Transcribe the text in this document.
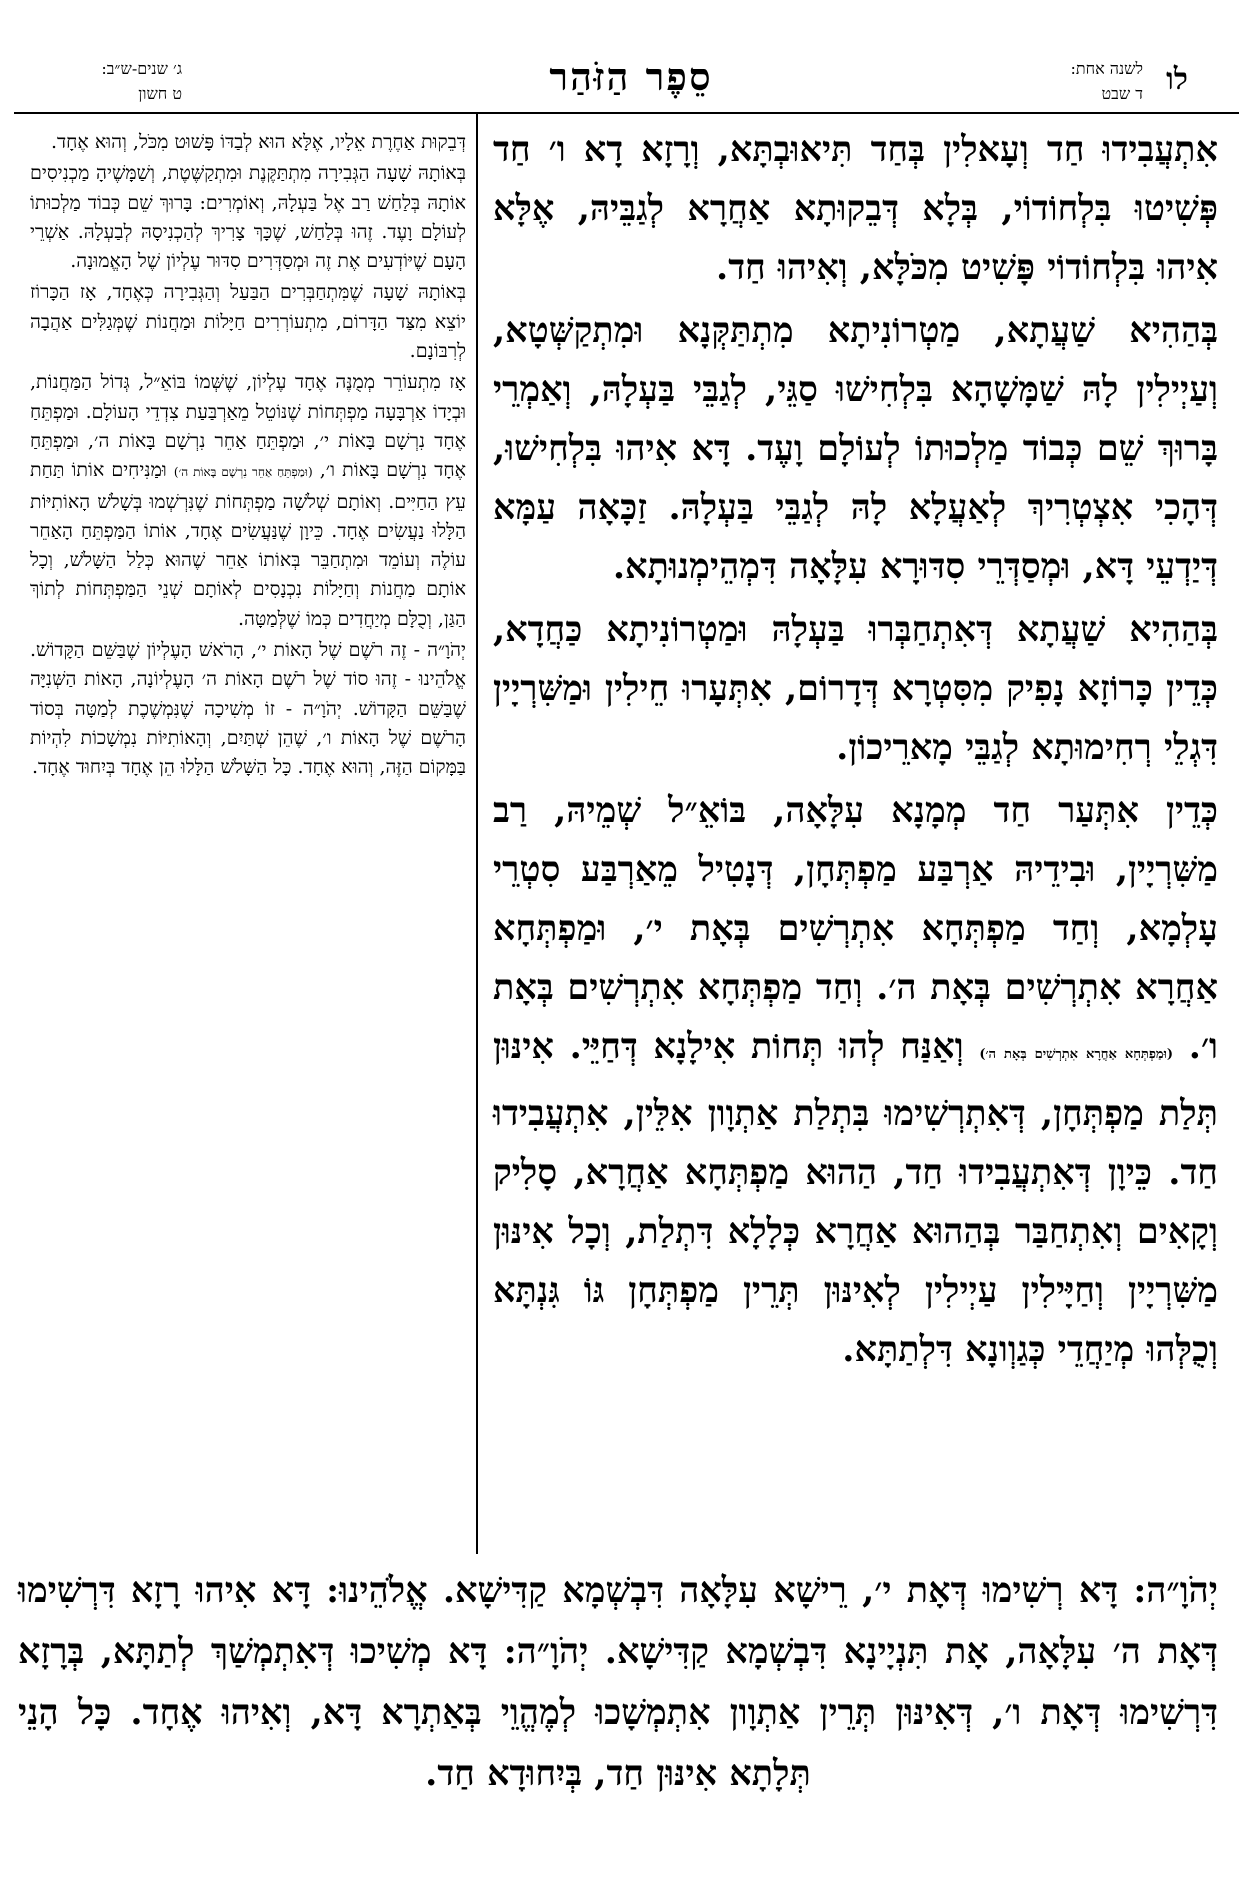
לו
לשנה אחת:
ד שבט
סֵפֶר הַזֹּהַר
ג׳ שנים-ש״ב:
ט חשון

אִתְעֲבִידוּ חַד וְעָאלִין בְּחַד תִּיאוּבְתָּא, וְרָזָא דָא ו׳ חַד פְּשִׁיטוּ בִּלְחוֹדוֹי, בְּלָא דְּבֵקוּתָא אַחֲרָא לְגַבֵּיהּ, אֶלָּא אִיהוּ בִּלְחוֹדוֹי פָּשִׁיט מִכֹּלָּא, וְאִיהוּ חַד.

בְּהַהִיא שַׁעֲתָא, מַטְרוֹנִיתָא מִתְתַּקְּנָא וּמִתְקַשְּׁטָא, וְעַיְילִין לָהּ שַׁמָּשָׁהָא בִּלְחִישׁוּ סַגֵּי, לְגַבֵּי בַּעְלָהּ, וְאַמְרֵי בָּרוּךְ שֵׁם כְּבוֹד מַלְכוּתוֹ לְעוֹלָם וָעֶד. דָּא אִיהוּ בִּלְחִישׁוּ, דְּהָכִי אִצְטְרִיךְ לְאַעֲלָא לָהּ לְגַבֵּי בַּעְלָהּ. זַכָּאָה עַמָּא דְּיַדְעֵי דָּא, וּמְסַדְּרֵי סִדּוּרָא עִלָּאָה דִּמְהֵימְנוּתָא.

בְּהַהִיא שַׁעֲתָא דְּאִתְחַבְּרוּ בַּעְלָהּ וּמַטְרוֹנִיתָא כַּחֲדָא, כְּדֵין כָּרוֹזָא נָפִיק מִסִּטְרָא דְּדָרוֹם, אִתְּעָרוּ חֵילִין וּמַשִּׁרְיָין דִּגְלֵי רְחִימוּתָא לְגַבֵּי מָארֵיכוֹן.

כְּדֵין אִתְּעַר חַד מְמָנָא עִלָּאָה, בּוֹאֵ״ל שְׁמֵיהּ, רַב מַשִּׁרְיָין, וּבִידֵיהּ אַרְבַּע מַפְתְּחָן, דְּנָטִיל מֵאַרְבַּע סִטְרֵי עָלְמָא, וְחַד מַפְתְּחָא אִתְרְשִׁים בְּאָת י׳, וּמַפְתְּחָא אַחֲרָא אִתְרְשִׁים בְּאָת ה׳. וְחַד מַפְתְּחָא אִתְרְשִׁים בְּאָת ו׳. (וּמַפְתְּחָא אַחֲרָא אִתְרְשִׁים בְּאָת ה׳) וְאַנַּח לְהוּ תְּחוֹת אִילָנָא דְּחַיֵּי. אִינּוּן תְּלַת מַפְתְּחָן, דְּאִתְרְשִׁימוּ בִּתְלַת אַתְוָון אִלֵּין, אִתְעֲבִידוּ חַד. כֵּיוָן דְּאִתְעֲבִידוּ חַד, הַהוּא מַפְתְּחָא אַחֲרָא, סָלִיק וְקָאִים וְאִתְחַבַּר בְּהַהוּא אַחֲרָא כְּלָלָא דִּתְלַת, וְכָל אִינּוּן מַשִּׁרְיָין וְחַיָּילִין עַיְילִין לְאִינּוּן תְּרֵין מַפְתְּחָן גּוֹ גִּנְתָּא וְכֻלְּהוּ מְיַחֲדֵי כְּגַוְונָא דִּלְתַתָּא.

דְּבֵקוּת אַחֶרֶת אֵלָיו, אֶלָּא הוּא לְבַדּוֹ פָּשׁוּט מִכֹּל, וְהוּא אֶחָד.

בְּאוֹתָהּ שָׁעָה הַגְּבִירָה מִתְתַּקֶּנֶת וּמִתְקַשֶּׁטֶת, וְשַׁמָּשֶׁיהָ מַכְנִיסִים אוֹתָהּ בְּלַחַשׁ רַב אֶל בַּעְלָהּ, וְאוֹמְרִים: בָּרוּךְ שֵׁם כְּבוֹד מַלְכוּתוֹ לְעוֹלָם וָעֶד. זֶהוּ בְּלַחַשׁ, שֶׁכָּךְ צָרִיךְ לְהַכְנִיסָהּ לְבַעְלָהּ. אַשְׁרֵי הָעָם שֶׁיּוֹדְעִים אֶת זֶה וּמְסַדְּרִים סִדּוּר עֶלְיוֹן שֶׁל הָאֱמוּנָה.

בְּאוֹתָהּ שָׁעָה שֶׁמִּתְחַבְּרִים הַבַּעַל וְהַגְּבִירָה כְּאֶחָד, אָז הַכָּרוֹז יוֹצֵא מִצַּד הַדָּרוֹם, מִתְעוֹרְרִים חַיָּלוֹת וּמַחֲנוֹת שֶׁמְּגַלִּים אַהֲבָה לְרִבּוֹנָם.

אָז מִתְעוֹרֵר מְמֻנֶּה אֶחָד עֶלְיוֹן, שֶׁשְּׁמוֹ בּוֹאֵ״ל, גְּדוֹל הַמַּחֲנוֹת, וּבְיָדוֹ אַרְבָּעָה מַפְתְּחוֹת שֶׁנּוֹטֵל מֵאַרְבַּעַת צִדְדֵי הָעוֹלָם. וּמַפְתֵּחַ אֶחָד נִרְשָׁם בָּאוֹת י׳, וּמַפְתֵּחַ אַחֵר נִרְשָׁם בָּאוֹת ה׳, וּמַפְתֵּחַ אֶחָד נִרְשָׁם בָּאוֹת ו׳, (וּמַפְתֵּחַ אַחֵר נִרְשָׁם בָּאוֹת ה׳) וּמַנִּיחִים אוֹתוֹ תַּחַת עֵץ הַחַיִּים. וְאוֹתָם שְׁלֹשָׁה מַפְתְּחוֹת שֶׁנִּרְשְׁמוּ בְּשָׁלֹשׁ הָאוֹתִיּוֹת הַלָּלוּ נַעֲשִׂים אֶחָד. כֵּיוָן שֶׁנַּעֲשִׂים אֶחָד, אוֹתוֹ הַמַּפְתֵּחַ הָאַחֵר עוֹלֶה וְעוֹמֵד וּמִתְחַבֵּר בְּאוֹתוֹ אַחֵר שֶׁהוּא כְּלַל הַשָּׁלֹשׁ, וְכָל אוֹתָם מַחֲנוֹת וְחַיָּלוֹת נִכְנָסִים לְאוֹתָם שְׁנֵי הַמַּפְתְּחוֹת לְתוֹךְ הַגַּן, וְכֻלָּם מְיַחֲדִים כְּמוֹ שֶׁלְּמַטָּה.

יְהֹוָ״ה - זֶה רֹשֶׁם שֶׁל הָאוֹת י׳, הָרֹאשׁ הָעֶלְיוֹן שֶׁבַּשֵּׁם הַקָּדוֹשׁ. אֱלֹהֵינוּ - זֶהוּ סוֹד שֶׁל רֹשֶׁם הָאוֹת ה׳ הָעֶלְיוֹנָה, הָאוֹת הַשְּׁנִיָּה שֶׁבַּשֵּׁם הַקָּדוֹשׁ. יְהֹוָ״ה - זוֹ מְשִׁיכָה שֶׁנִּמְשֶׁכֶת לְמַטָּה בְּסוֹד הָרֹשֶׁם שֶׁל הָאוֹת ו׳, שֶׁהֵן שְׁתַּיִם, וְהָאוֹתִיּוֹת נִמְשָׁכוֹת לִהְיוֹת בַּמָּקוֹם הַזֶּה, וְהוּא אֶחָד. כָּל הַשָּׁלֹשׁ הַלָּלוּ הֵן אֶחָד בְּיִחוּד אֶחָד.

יְהֹוָ״ה: דָּא רְשִׁימוּ דְּאָת י׳, רֵישָׁא עִלָּאָה דִּבְשְׁמָא קַדִּישָׁא. אֱלֹהֵינוּ: דָּא אִיהוּ רָזָא דִּרְשִׁימוּ דְּאָת ה׳ עִלָּאָה, אָת תִּנְיָינָא דִּבְשְׁמָא קַדִּישָׁא. יְהֹוָ״ה: דָּא מְשִׁיכוּ דְּאִתְמְשַׁךְ לְתַתָּא, בְּרָזָא דִּרְשִׁימוּ דְּאָת ו׳, דְּאִינּוּן תְּרֵין אַתְוָון אִתְמְשָׁכוּ לְמֶהֱוֵי בְּאַתְרָא דָּא, וְאִיהוּ אֶחָד. כָּל הָנֵי תְּלָתָא אִינּוּן חַד, בְּיִחוּדָא חַד.
